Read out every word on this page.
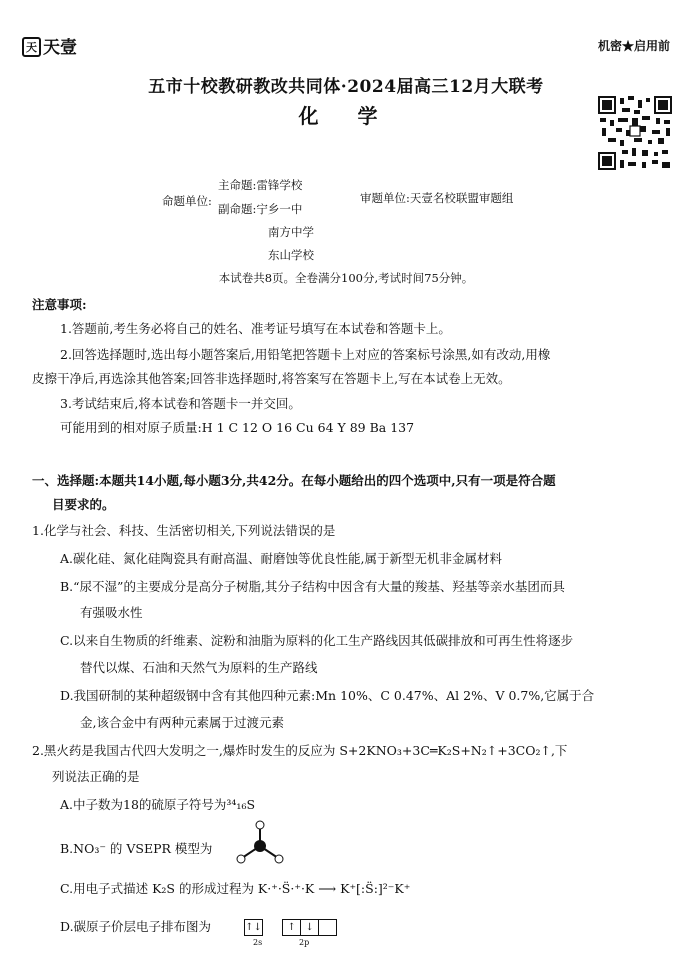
天 天壹	机密★启用前
五市十校教研教改共同体·2024届高三12月大联考
化 学
命题单位:
主命题:雷锋学校
副命题:宁乡一中
南方中学
东山学校
审题单位:天壹名校联盟审题组
本试卷共8页。全卷满分100分,考试时间75分钟。
注意事项:
1.答题前,考生务必将自己的姓名、准考证号填写在本试卷和答题卡上。
2.回答选择题时,选出每小题答案后,用铅笔把答题卡上对应的答案标号涂黑,如有改动,用橡
皮擦干净后,再选涂其他答案;回答非选择题时,将答案写在答题卡上,写在本试卷上无效。
3.考试结束后,将本试卷和答题卡一并交回。
可能用到的相对原子质量:H 1 C 12 O 16 Cu 64 Y 89 Ba 137
一、选择题:本题共14小题,每小题3分,共42分。在每小题给出的四个选项中,只有一项是符合题
目要求的。
1.化学与社会、科技、生活密切相关,下列说法错误的是
A.碳化硅、氮化硅陶瓷具有耐高温、耐磨蚀等优良性能,属于新型无机非金属材料
B.“尿不湿”的主要成分是高分子树脂,其分子结构中因含有大量的羧基、羟基等亲水基团而具
有强吸水性
C.以来自生物质的纤维素、淀粉和油脂为原料的化工生产路线因其低碳排放和可再生性将逐步
替代以煤、石油和天然气为原料的生产路线
D.我国研制的某种超级钢中含有其他四种元素:Mn 10%、C 0.47%、Al 2%、V 0.7%,它属于合
金,该合金中有两种元素属于过渡元素
2.黑火药是我国古代四大发明之一,爆炸时发生的反应为 S+2KNO₃+3C═K₂S+N₂↑+3CO₂↑,下
列说法正确的是
A.中子数为18的硫原子符号为³⁴₁₆S
B.NO₃⁻ 的 VSEPR 模型为
C.用电子式描述 K₂S 的形成过程为 K·⁺·S̈·⁺·K ⟶ K⁺[:S̈:]²⁻K⁺
D.碳原子价层电子排布图为	↑↓	↑ ↓
2s	2p
